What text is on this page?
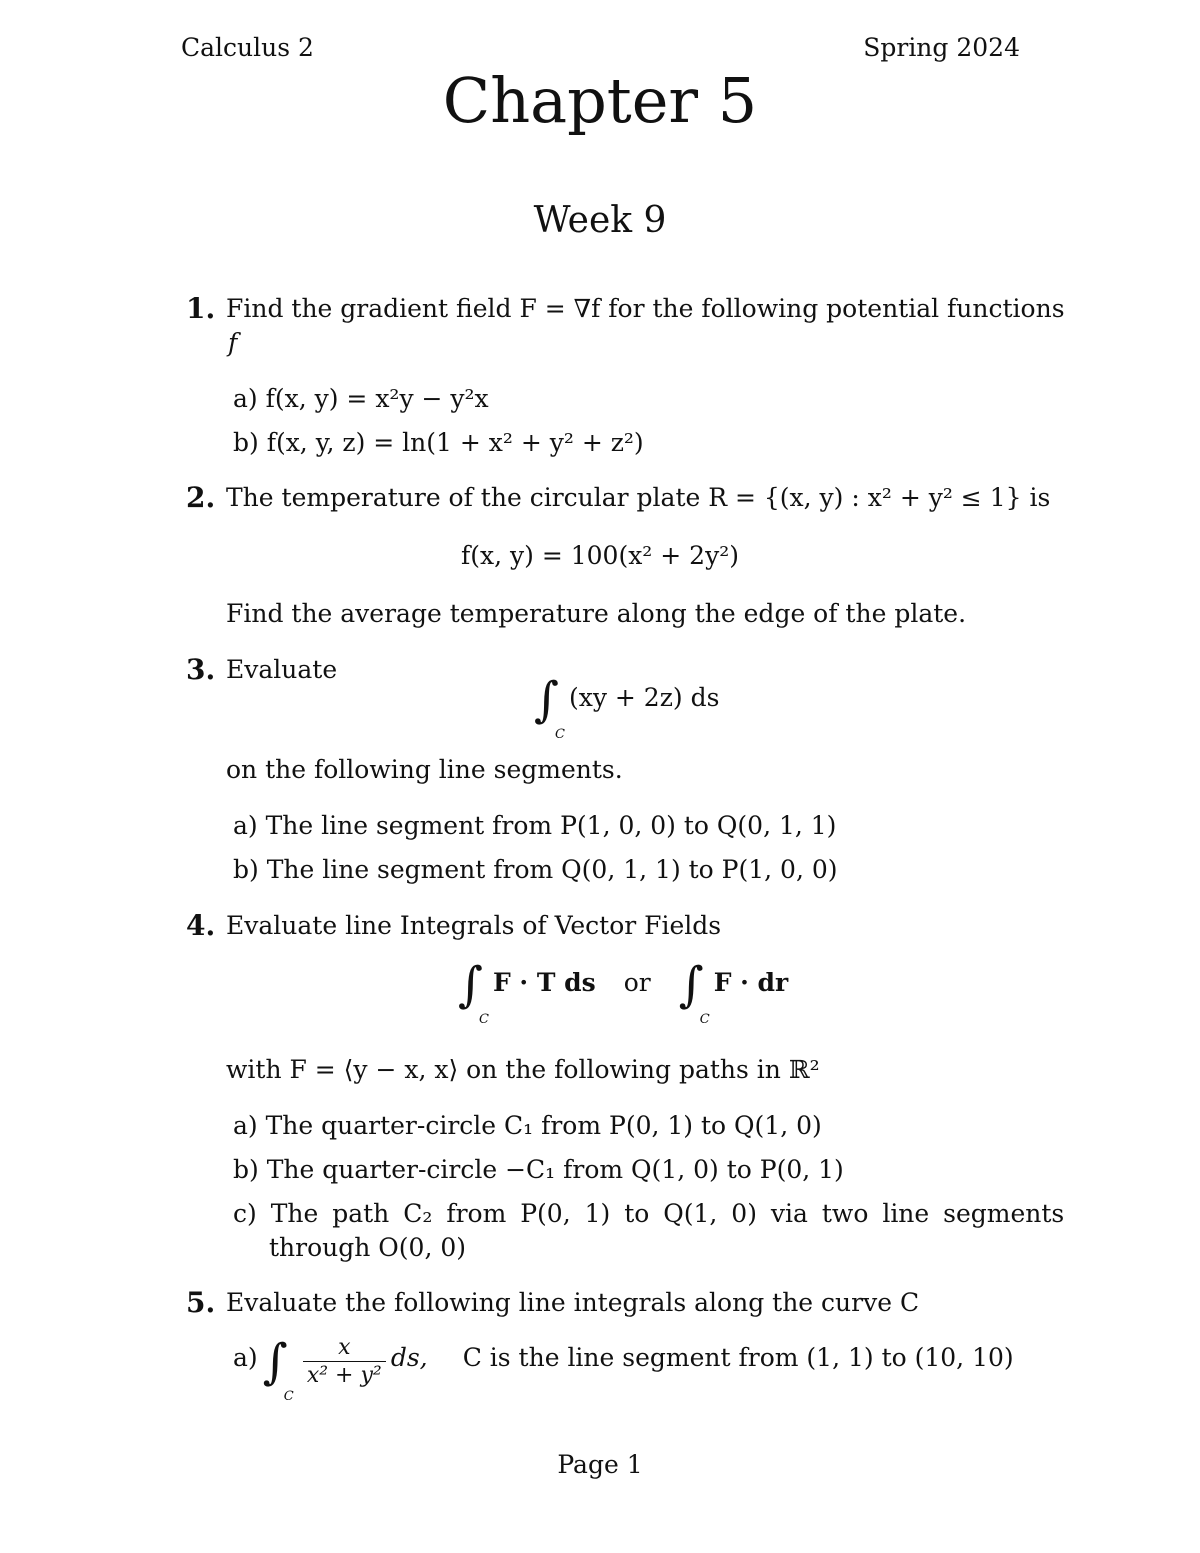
Calculus 2	Spring 2024
Chapter 5
Week 9
1. Find the gradient field F = ∇f for the following potential functions
f
a) f(x, y) = x²y − y²x
b) f(x, y, z) = ln(1 + x² + y² + z²)
2. The temperature of the circular plate R = {(x, y) : x² + y² ≤ 1} is
f(x, y) = 100(x² + 2y²)
Find the average temperature along the edge of the plate.
3. Evaluate
$\int_C(xy + 2z)$ ds
on the following line segments.
a) The line segment from P(1, 0, 0) to Q(0, 1, 1)
b) The line segment from Q(0, 1, 1) to P(1, 0, 0)
4. Evaluate line Integrals of Vector Fields
$\int_CF \cdot T$ ds or $\int_CF$ · dr
with F = ⟨y − x, x⟩ on the following paths in ℝ²
a) The quarter-circle C₁ from P(0, 1) to Q(1, 0)
b) The quarter-circle −C₁ from Q(1, 0) to P(0, 1)
c) The path C₂ from P(0, 1) to Q(1, 0) via two line segments
through O(0, 0)
5. Evaluate the following line integrals along the curve C
a) $\int_C$
$\frac{x}{\text{x² + y²}}$ ds, C is the line segment from (1, 1) to (10, 10)
Page 1
